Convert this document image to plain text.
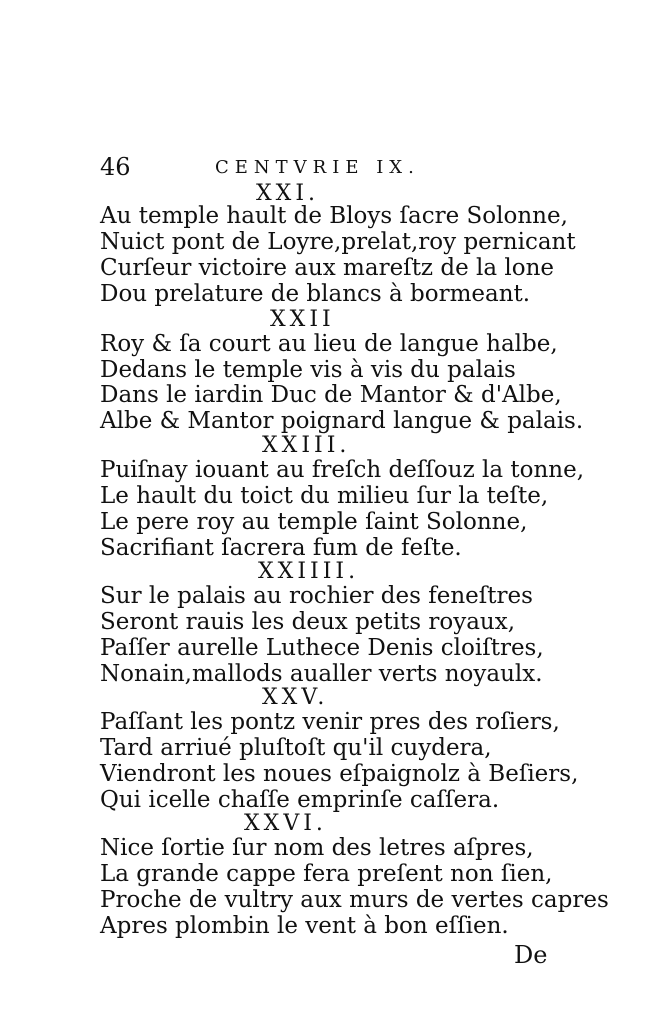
46	CENTVRIE IX.
XXI.
Au temple hault de Bloys ſacre Solonne,
Nuict pont de Loyre,prelat,roy pernicant
Curſeur victoire aux mareſtz de la lone
Dou prelature de blancs à bormeant.
XXII
Roy & ſa court au lieu de langue halbe,
Dedans le temple vis à vis du palais
Dans le iardin Duc de Mantor & d'Albe,
Albe & Mantor poignard langue & palais.
XXIII.
Puiſnay iouant au freſch deſſouz la tonne,
Le hault du toict du milieu ſur la teſte,
Le pere roy au temple ſaint Solonne,
Sacrifiant ſacrera fum de feſte.
XXIIII.
Sur le palais au rochier des feneſtres
Seront rauis les deux petits royaux,
Paſſer aurelle Luthece Denis cloiſtres,
Nonain,mallods aualler verts noyaulx.
XXV.
Paſſant les pontz venir pres des roſiers,
Tard arriué pluſtoſt qu'il cuydera,
Viendront les noues eſpaignolz à Beſiers,
Qui icelle chaſſe emprinſe caſſera.
XXVI.
Nice ſortie ſur nom des letres aſpres,
La grande cappe fera preſent non ſien,
Proche de vultry aux murs de vertes capres
Apres plombin le vent à bon eſſien.
De
